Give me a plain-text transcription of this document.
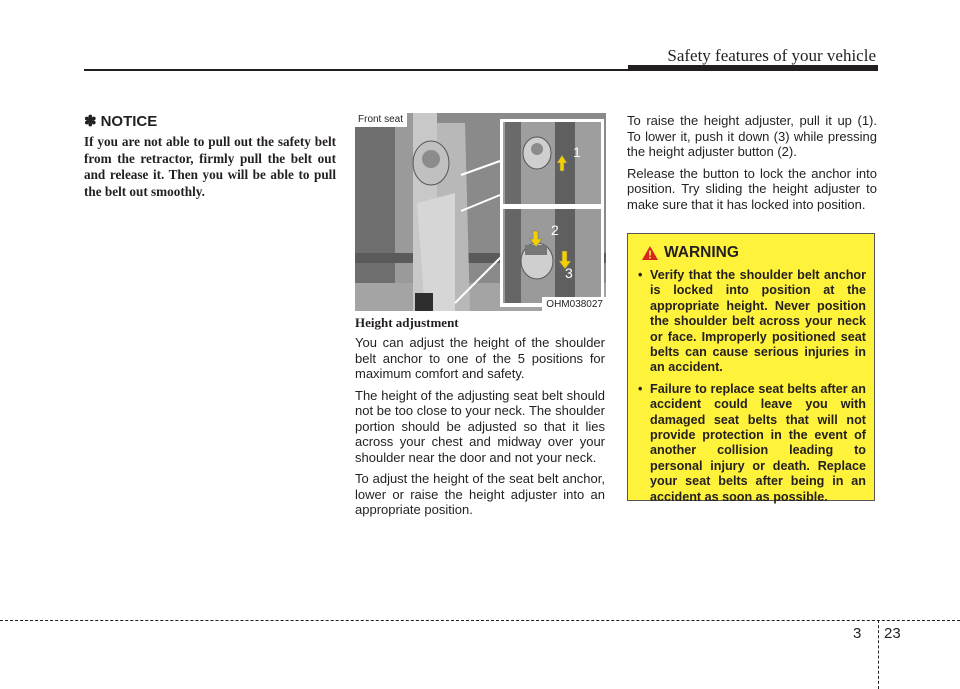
Safety features of your vehicle
✽ NOTICE
If you are not able to pull out the safety belt from the retractor, firmly pull the belt out and release it. Then you will be able to pull the belt out smoothly.
1
2
3
Front seat
OHM038027
Height adjustment

You can adjust the height of the shoulder belt anchor to one of the 5 positions for maximum comfort and safety.

The height of the adjusting seat belt should not be too close to your neck. The shoulder portion should be adjusted so that it lies across your chest and midway over your shoulder near the door and not your neck.

To adjust the height of the seat belt anchor, lower or raise the height adjuster into an appropriate position.

To raise the height adjuster, pull it up (1). To lower it, push it down (3) while pressing the height adjuster button (2).

Release the button to lock the anchor into position. Try sliding the height adjuster to make sure that it has locked into position.

WARNING
• Verify that the shoulder belt anchor is locked into position at the appropriate height. Never position the shoulder belt across your neck or face. Improperly positioned seat belts can cause serious injuries in an accident.
• Failure to replace seat belts after an accident could leave you with damaged seat belts that will not provide protection in the event of another collision leading to personal injury or death. Replace your seat belts after being in an accident as soon as possible.
3 23
